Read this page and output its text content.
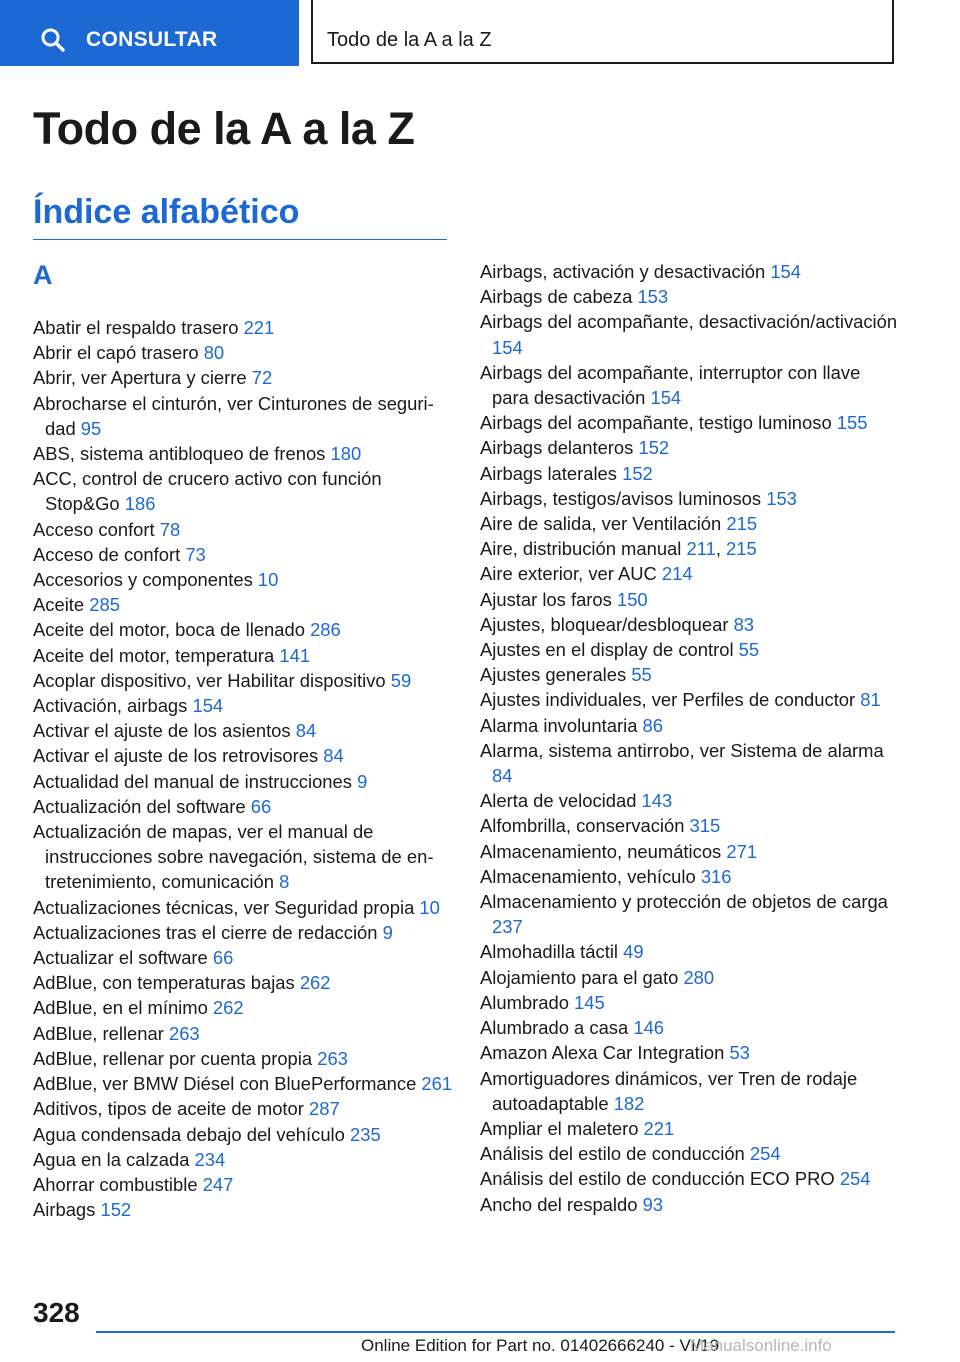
CONSULTAR	Todo de la A a la Z
Todo de la A a la Z
Índice alfabético
A
Abatir el respaldo trasero 221
Abrir el capó trasero 80
Abrir, ver Apertura y cierre 72
Abrocharse el cinturón, ver Cinturones de seguridad 95
ABS, sistema antibloqueo de frenos 180
ACC, control de crucero activo con función Stop&Go 186
Acceso confort 78
Acceso de confort 73
Accesorios y componentes 10
Aceite 285
Aceite del motor, boca de llenado 286
Aceite del motor, temperatura 141
Acoplar dispositivo, ver Habilitar dispositivo 59
Activación, airbags 154
Activar el ajuste de los asientos 84
Activar el ajuste de los retrovisores 84
Actualidad del manual de instrucciones 9
Actualización del software 66
Actualización de mapas, ver el manual de instrucciones sobre navegación, sistema de entretenimiento, comunicación 8
Actualizaciones técnicas, ver Seguridad propia 10
Actualizaciones tras el cierre de redacción 9
Actualizar el software 66
AdBlue, con temperaturas bajas 262
AdBlue, en el mínimo 262
AdBlue, rellenar 263
AdBlue, rellenar por cuenta propia 263
AdBlue, ver BMW Diésel con BluePerformance 261
Aditivos, tipos de aceite de motor 287
Agua condensada debajo del vehículo 235
Agua en la calzada 234
Ahorrar combustible 247
Airbags 152
Airbags, activación y desactivación 154
Airbags de cabeza 153
Airbags del acompañante, desactivación/activación 154
Airbags del acompañante, interruptor con llave para desactivación 154
Airbags del acompañante, testigo luminoso 155
Airbags delanteros 152
Airbags laterales 152
Airbags, testigos/avisos luminosos 153
Aire de salida, ver Ventilación 215
Aire, distribución manual 211, 215
Aire exterior, ver AUC 214
Ajustar los faros 150
Ajustes, bloquear/desbloquear 83
Ajustes en el display de control 55
Ajustes generales 55
Ajustes individuales, ver Perfiles de conductor 81
Alarma involuntaria 86
Alarma, sistema antirrobo, ver Sistema de alarma 84
Alerta de velocidad 143
Alfombrilla, conservación 315
Almacenamiento, neumáticos 271
Almacenamiento, vehículo 316
Almacenamiento y protección de objetos de carga 237
Almohadilla táctil 49
Alojamiento para el gato 280
Alumbrado 145
Alumbrado a casa 146
Amazon Alexa Car Integration 53
Amortiguadores dinámicos, ver Tren de rodaje autoadaptable 182
Ampliar el maletero 221
Análisis del estilo de conducción 254
Análisis del estilo de conducción ECO PRO 254
Ancho del respaldo 93
328
Online Edition for Part no. 01402666240 - VI/19
Manualsonline.info
